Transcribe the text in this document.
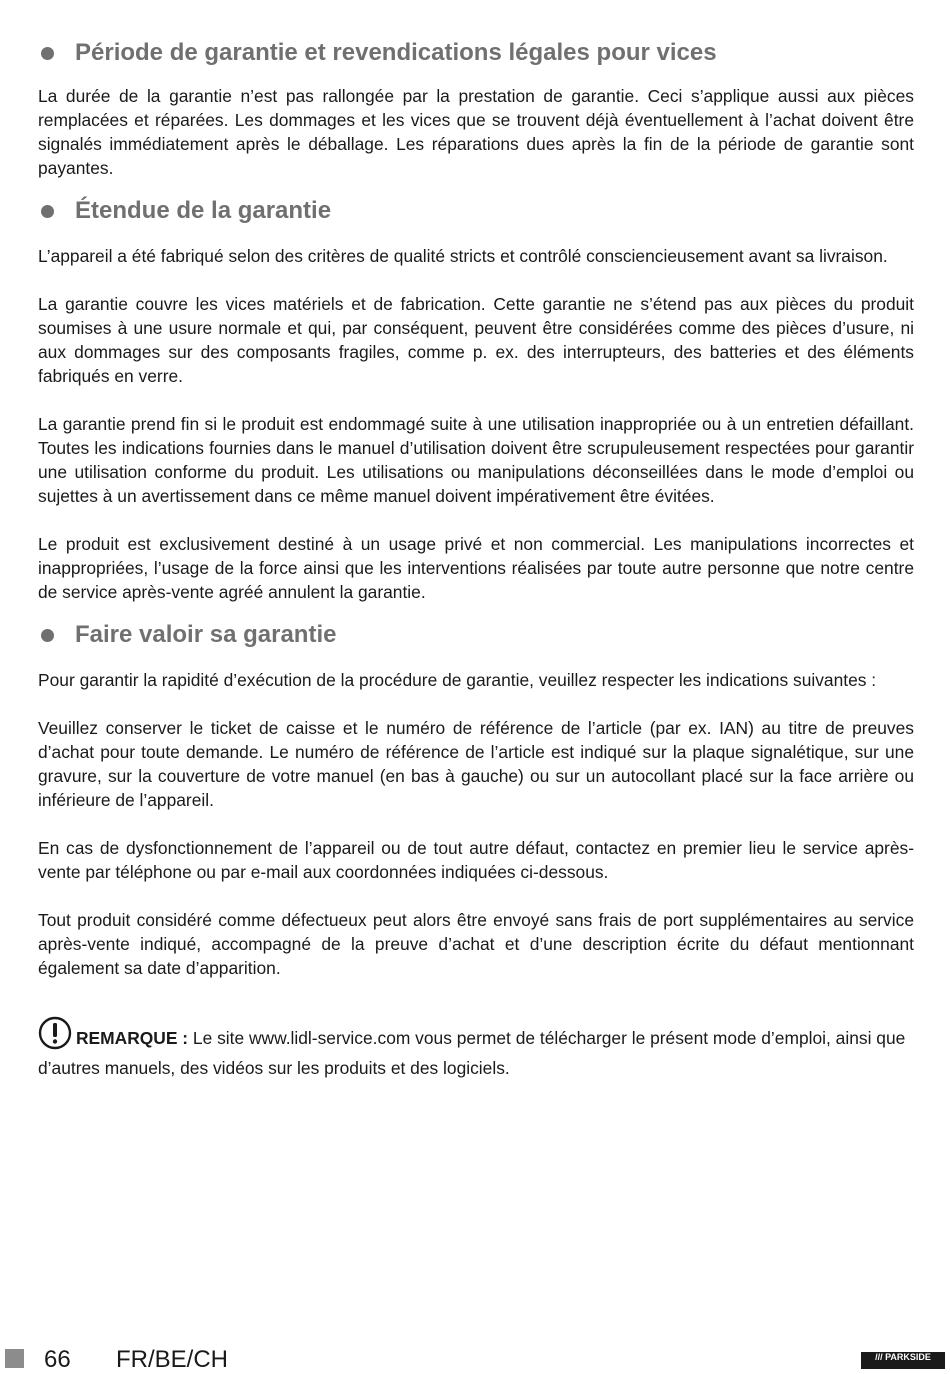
Période de garantie et revendications légales pour vices

La durée de la garantie n’est pas rallongée par la prestation de garantie. Ceci s’applique aussi aux pièces remplacées et réparées. Les dommages et les vices que se trouvent déjà éventuellement à l’achat doivent être signalés immédiatement après le déballage. Les réparations dues après la fin de la période de garantie sont payantes.

Étendue de la garantie

L’appareil a été fabriqué selon des critères de qualité stricts et contrôlé consciencieusement avant sa livraison.

La garantie couvre les vices matériels et de fabrication. Cette garantie ne s’étend pas aux pièces du produit soumises à une usure normale et qui, par conséquent, peuvent être considérées comme des pièces d’usure, ni aux dommages sur des composants fragiles, comme p. ex. des interrupteurs, des batteries et des éléments fabriqués en verre.

La garantie prend fin si le produit est endommagé suite à une utilisation inappropriée ou à un entretien défaillant. Toutes les indications fournies dans le manuel d’utilisation doivent être scrupuleusement respectées pour garantir une utilisation conforme du produit. Les utilisations ou manipulations déconseillées dans le mode d’emploi ou sujettes à un avertissement dans ce même manuel doivent impérativement être évitées.

Le produit est exclusivement destiné à un usage privé et non commercial. Les manipulations incorrectes et inappropriées, l’usage de la force ainsi que les interventions réalisées par toute autre personne que notre centre de service après-vente agréé annulent la garantie.

Faire valoir sa garantie

Pour garantir la rapidité d’exécution de la procédure de garantie, veuillez respecter les indications suivantes :

Veuillez conserver le ticket de caisse et le numéro de référence de l’article (par ex. IAN) au titre de preuves d’achat pour toute demande. Le numéro de référence de l’article est indiqué sur la plaque signalétique, sur une gravure, sur la couverture de votre manuel (en bas à gauche) ou sur un autocollant placé sur la face arrière ou inférieure de l’appareil.

En cas de dysfonctionnement de l’appareil ou de tout autre défaut, contactez en premier lieu le service après-vente par téléphone ou par e-mail aux coordonnées indiquées ci-dessous.

Tout produit considéré comme défectueux peut alors être envoyé sans frais de port supplémentaires au service après-vente indiqué, accompagné de la preuve d’achat et d’une description écrite du défaut mentionnant également sa date d’apparition.

REMARQUE : Le site www.lidl-service.com vous permet de télécharger le présent mode d’emploi, ainsi que d’autres manuels, des vidéos sur les produits et des logiciels.

66 FR/BE/CH	/// PARKSIDE
